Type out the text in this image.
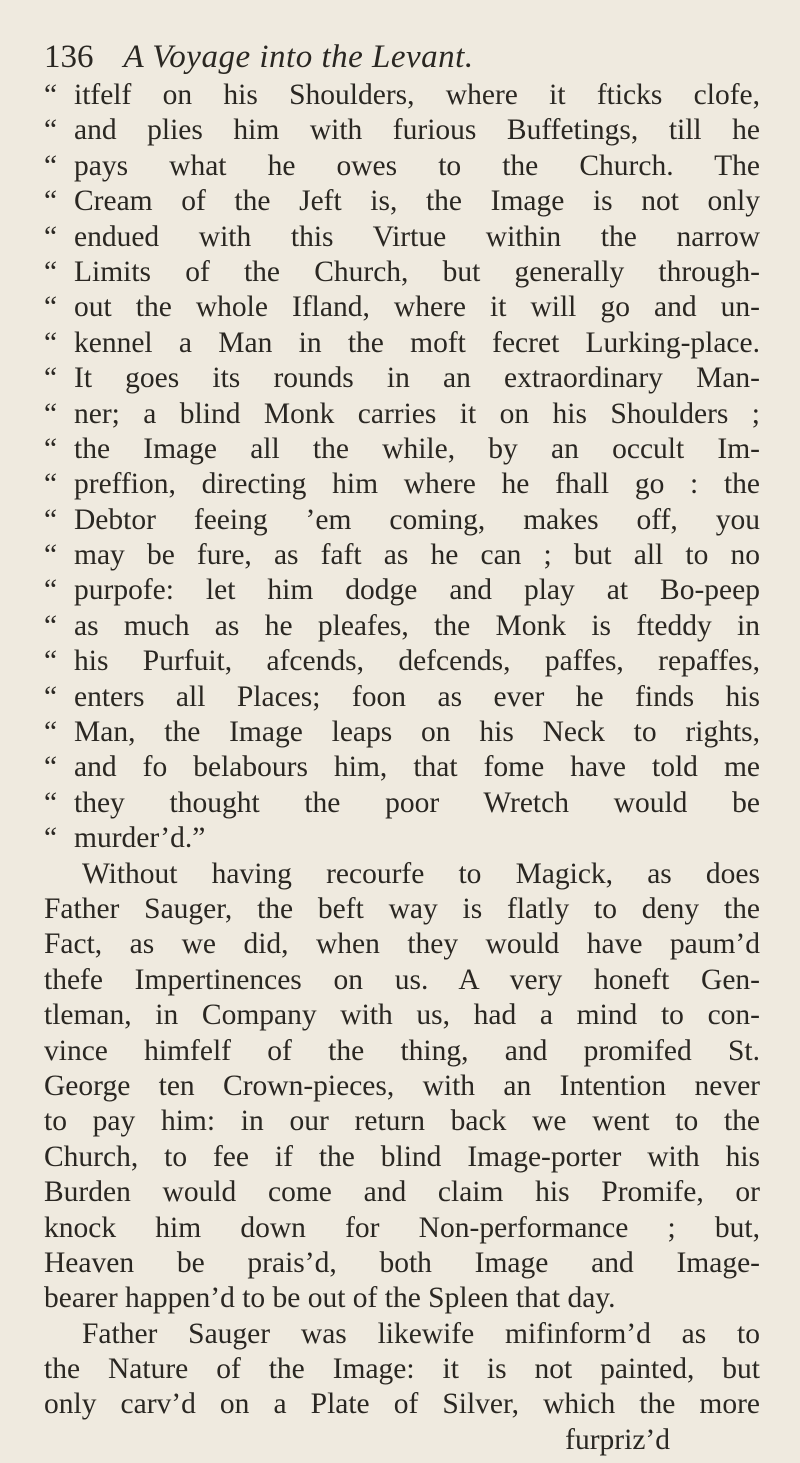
136 A Voyage into the Levant.
“ itfelf on his Shoulders, where it fticks clofe,
“ and plies him with furious Buffetings, till he
“ pays what he owes to the Church. The
“ Cream of the Jeft is, the Image is not only
“ endued with this Virtue within the narrow
“ Limits of the Church, but generally through-
“ out the whole Ifland, where it will go and un-
“ kennel a Man in the moft fecret Lurking-place.
“ It goes its rounds in an extraordinary Man-
“ ner; a blind Monk carries it on his Shoulders ;
“ the Image all the while, by an occult Im-
“ preffion, directing him where he fhall go : the
“ Debtor feeing ’em coming, makes off, you
“ may be fure, as faft as he can ; but all to no
“ purpofe: let him dodge and play at Bo-peep
“ as much as he pleafes, the Monk is fteddy in
“ his Purfuit, afcends, defcends, paffes, repaffes,
“ enters all Places; foon as ever he finds his
“ Man, the Image leaps on his Neck to rights,
“ and fo belabours him, that fome have told me
“ they thought the poor Wretch would be
“ murder’d.”
Without having recourfe to Magick, as does
Father Sauger, the beft way is flatly to deny the
Fact, as we did, when they would have paum’d
thefe Impertinences on us. A very honeft Gen-
tleman, in Company with us, had a mind to con-
vince himfelf of the thing, and promifed St.
George ten Crown-pieces, with an Intention never
to pay him: in our return back we went to the
Church, to fee if the blind Image-porter with his
Burden would come and claim his Promife, or
knock him down for Non-performance ; but,
Heaven be prais’d, both Image and Image-
bearer happen’d to be out of the Spleen that day.
Father Sauger was likewife mifinform’d as to
the Nature of the Image: it is not painted, but
only carv’d on a Plate of Silver, which the more
furpriz’d
